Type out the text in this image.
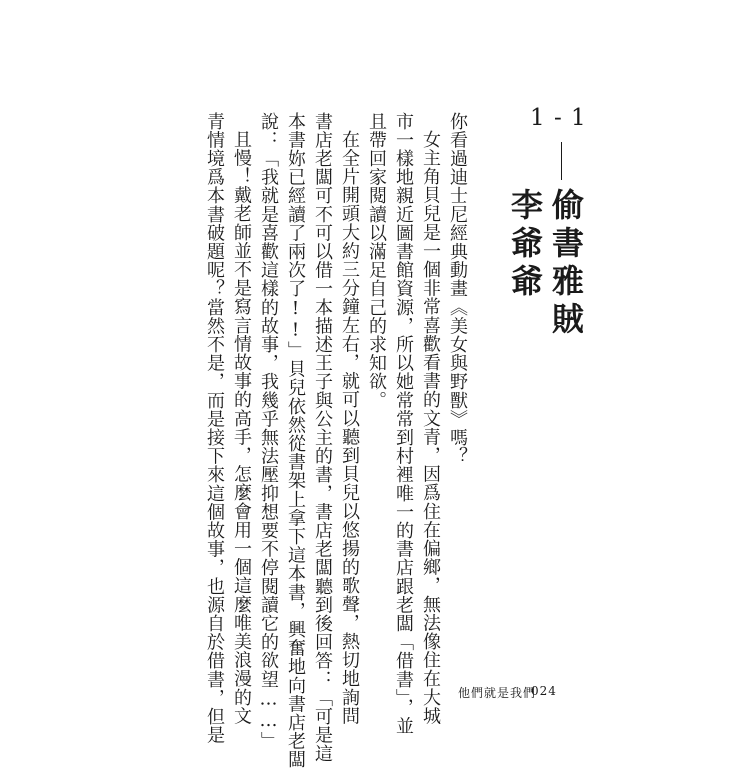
1 - 1
偷書雅賊
李爺爺
你看過迪士尼經典動畫《美女與野獸》嗎？
女主角貝兒是一個非常喜歡看書的文青，因爲住在偏鄉，無法像住在大城
市一樣地親近圖書館資源，所以她常常到村裡唯一的書店跟老闆「借書」，並
且帶回家閱讀以滿足自己的求知欲。
在全片開頭大約三分鐘左右，就可以聽到貝兒以悠揚的歌聲，熱切地詢問
書店老闆可不可以借一本描述王子與公主的書，書店老闆聽到後回答：「可是這
本書妳已經讀了兩次了!!」貝兒依然從書架上拿下這本書，興奮地向書店老闆
說：「我就是喜歡這樣的故事，我幾乎無法壓抑想要不停閱讀它的欲望……」
且慢！戴老師並不是寫言情故事的高手，怎麼會用一個這麼唯美浪漫的文
青情境爲本書破題呢？當然不是，而是接下來這個故事，也源自於借書，但是	他們就是我們
024
